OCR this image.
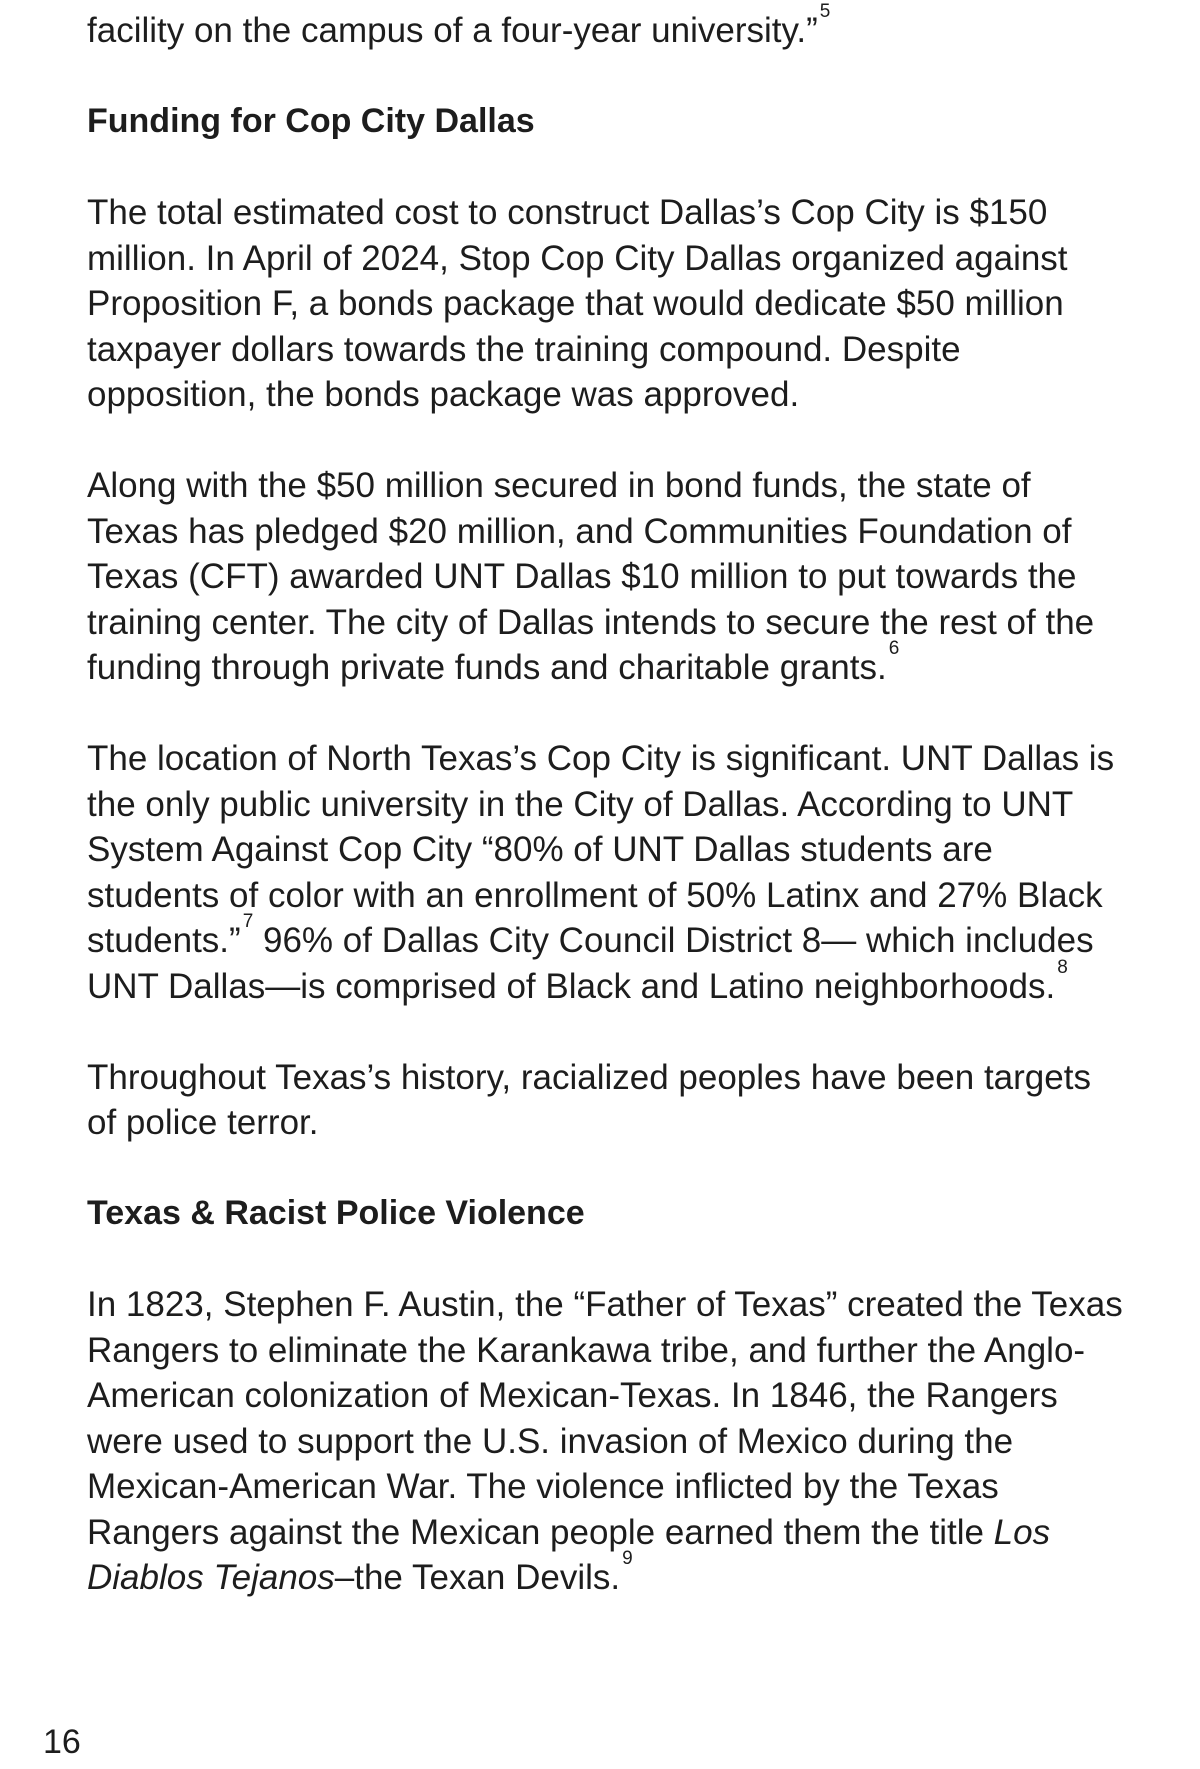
facility on the campus of a four-year university.” $^5$

Funding for Cop City Dallas

The total estimated cost to construct Dallas’s Cop City is $150 million. In April of 2024, Stop Cop City Dallas organized against Proposition F, a bonds package that would dedicate $50 million taxpayer dollars towards the training compound. Despite opposition, the bonds package was approved.

Along with the $50 million secured in bond funds, the state of Texas has pledged $20 million, and Communities Foundation of Texas (CFT) awarded UNT Dallas $10 million to put towards the training center. The city of Dallas intends to secure the rest of the funding through private funds and charitable grants. $^6$

The location of North Texas’s Cop City is significant. UNT Dallas is the only public university in the City of Dallas. According to UNT System Against Cop City “80% of UNT Dallas students are students of color with an enrollment of 50% Latinx and 27% Black students.” $^7$ 96% of Dallas City Council District 8— which includes UNT Dallas—is comprised of Black and Latino neighborhoods. $^8$

Throughout Texas’s history, racialized peoples have been targets of police terror.

Texas & Racist Police Violence

In 1823, Stephen F. Austin, the “Father of Texas” created the Texas Rangers to eliminate the Karankawa tribe, and further the Anglo-American colonization of Mexican-Texas. In 1846, the Rangers were used to support the U.S. invasion of Mexico during the Mexican-American War. The violence inflicted by the Texas Rangers against the Mexican people earned them the title Los Diablos Tejanos–the Texan Devils. $^9$

16
